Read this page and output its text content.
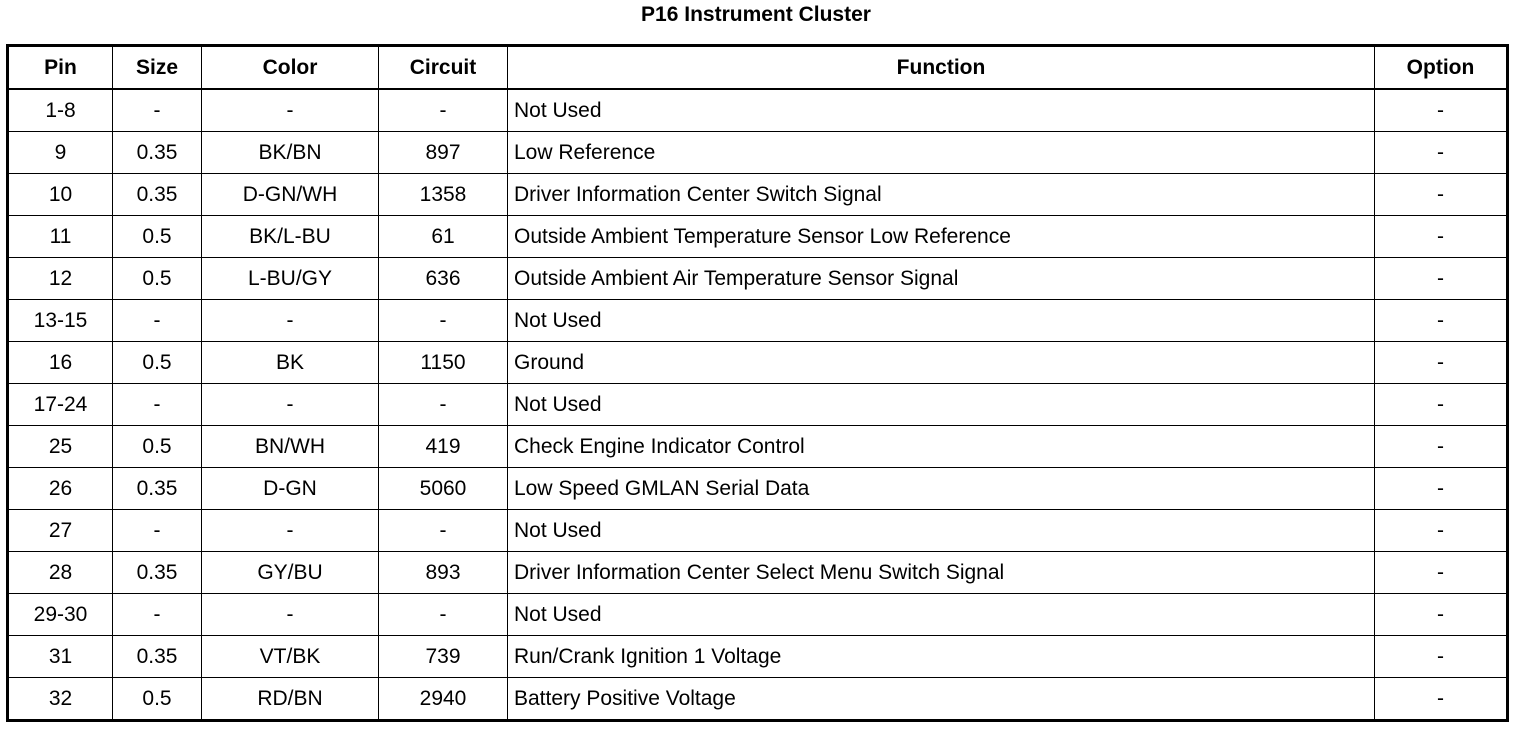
P16 Instrument Cluster
Pin	Size	Color	Circuit	Function	Option
1-8	-	-	-	Not Used	-
9	0.35	BK/BN	897	Low Reference	-
10	0.35	D-GN/WH	1358	Driver Information Center Switch Signal	-
11	0.5	BK/L-BU	61	Outside Ambient Temperature Sensor Low Reference	-
12	0.5	L-BU/GY	636	Outside Ambient Air Temperature Sensor Signal	-
13-15	-	-	-	Not Used	-
16	0.5	BK	1150	Ground	-
17-24	-	-	-	Not Used	-
25	0.5	BN/WH	419	Check Engine Indicator Control	-
26	0.35	D-GN	5060	Low Speed GMLAN Serial Data	-
27	-	-	-	Not Used	-
28	0.35	GY/BU	893	Driver Information Center Select Menu Switch Signal	-
29-30	-	-	-	Not Used	-
31	0.35	VT/BK	739	Run/Crank Ignition 1 Voltage	-
32	0.5	RD/BN	2940	Battery Positive Voltage	-
